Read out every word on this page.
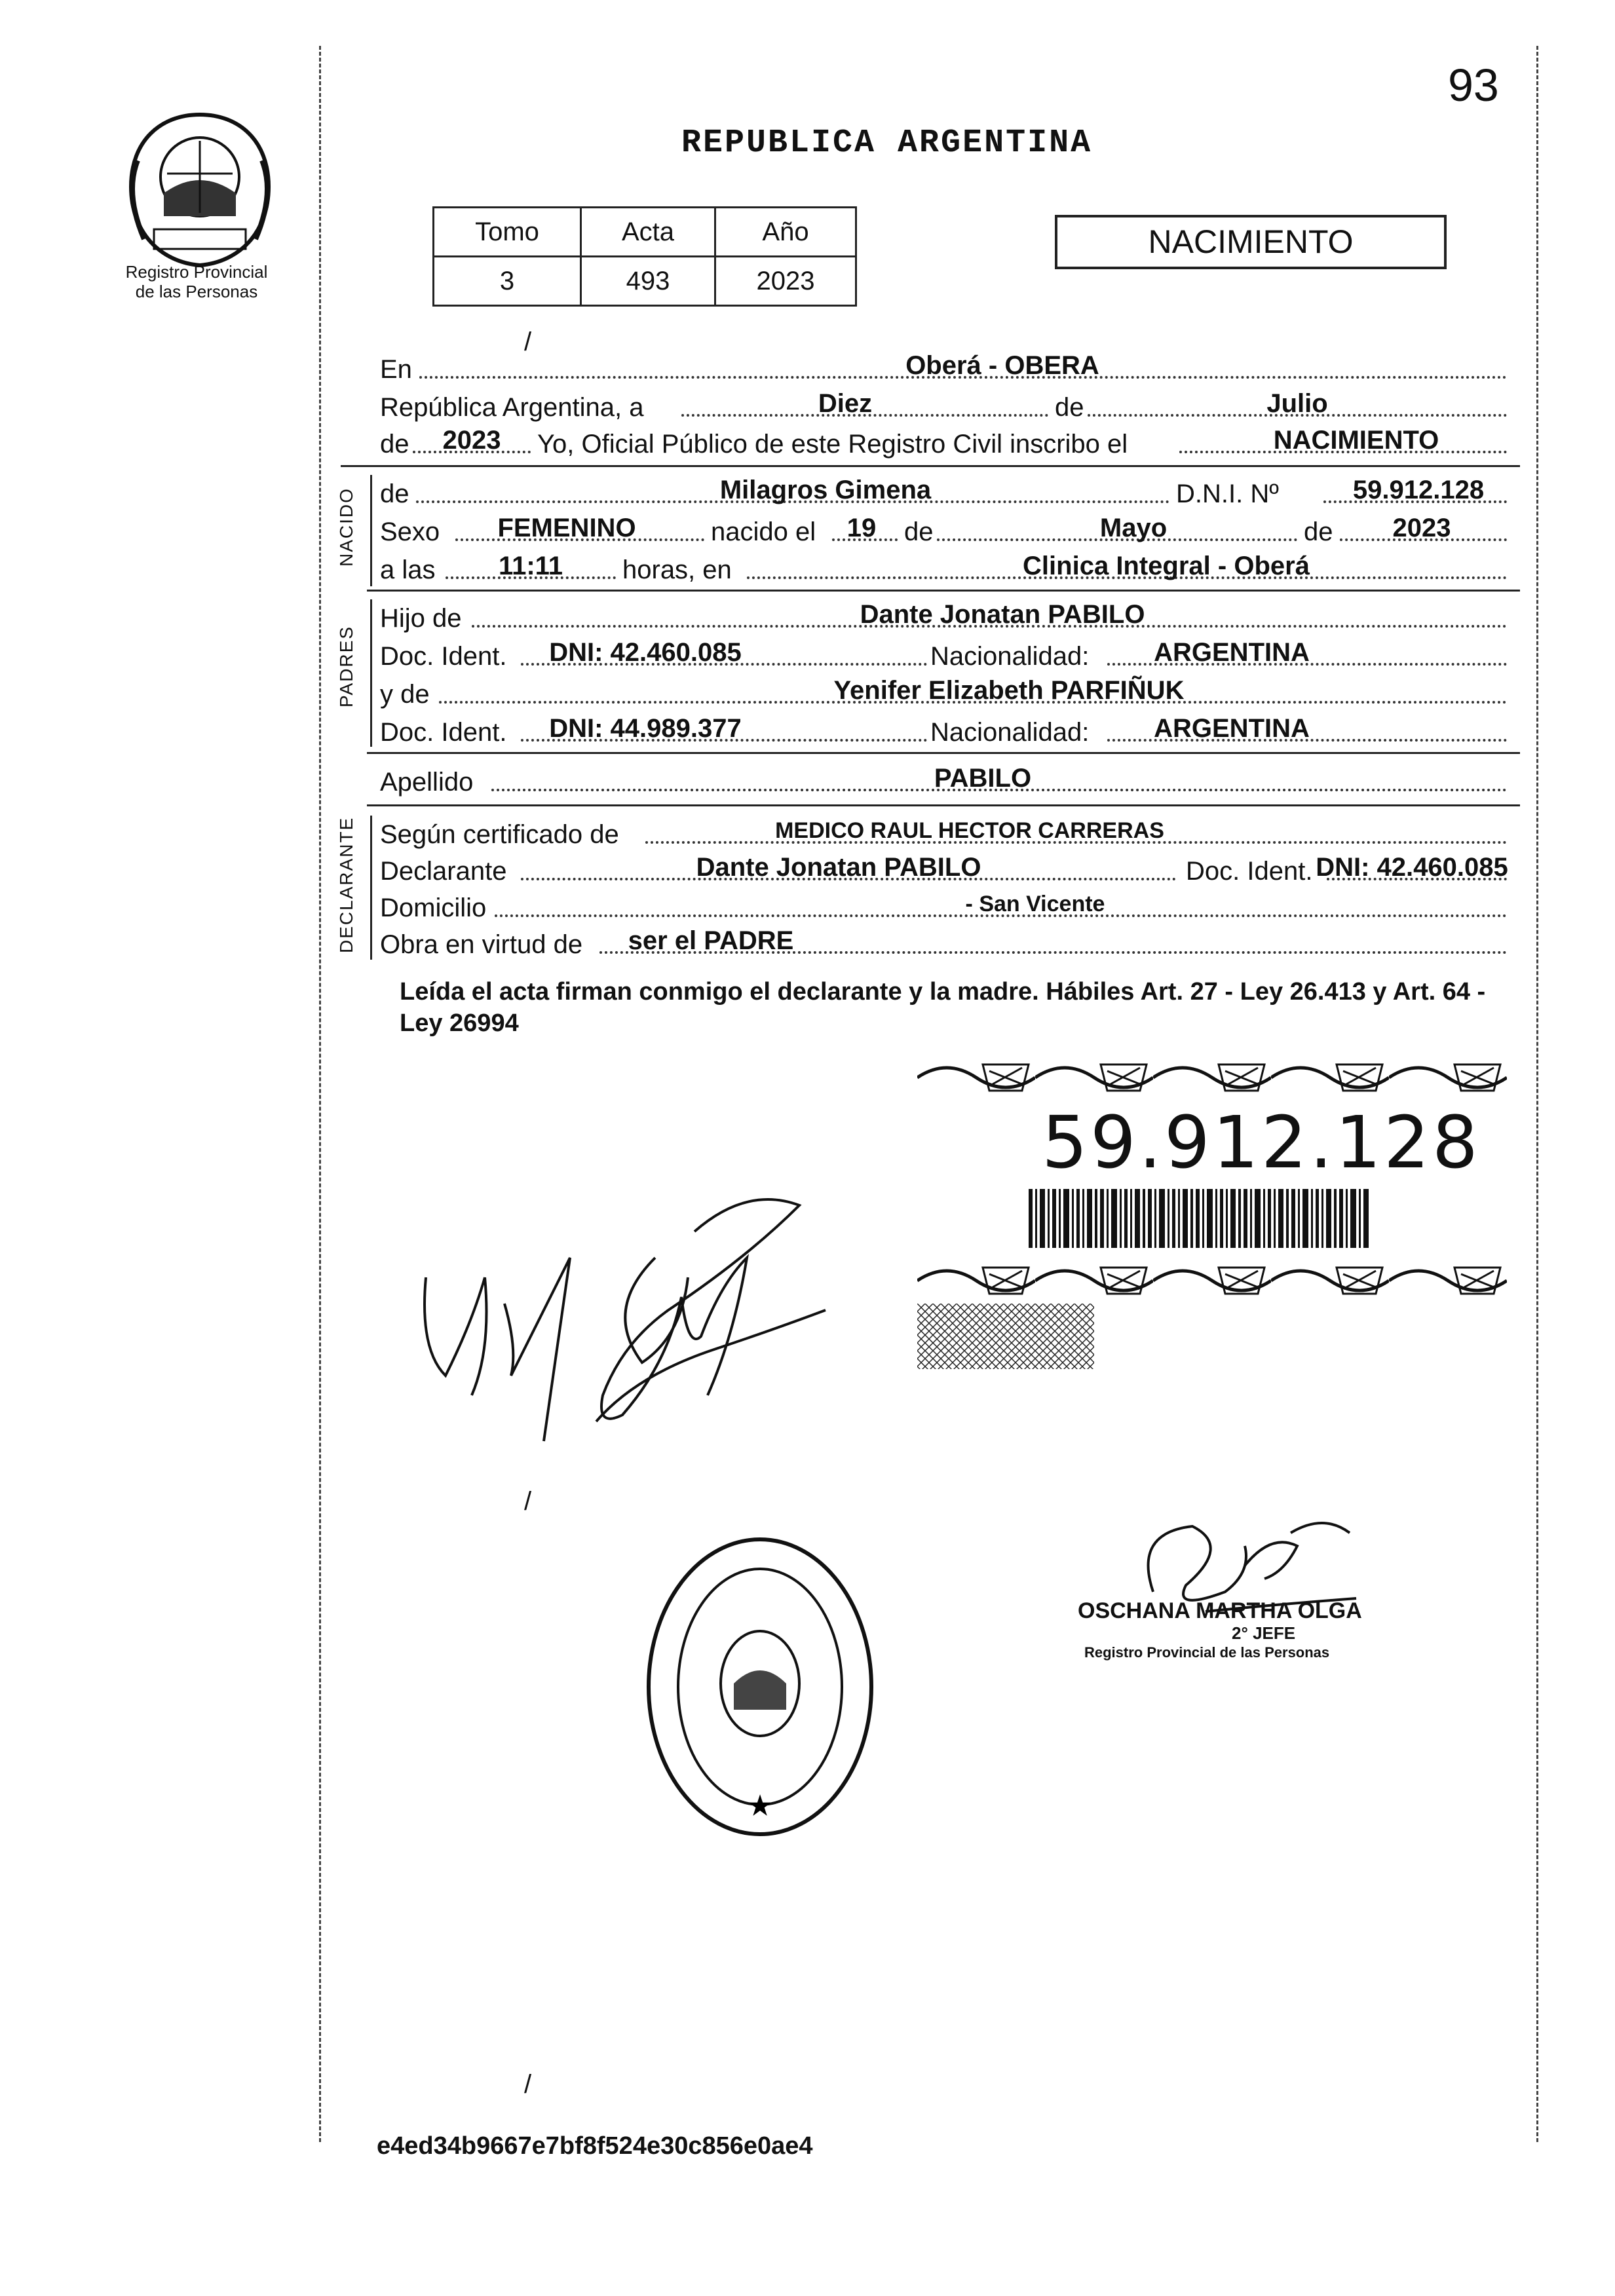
93
Registro Provincial
de las Personas
REPUBLICA ARGENTINA
Tomo	Acta	Año
3	493	2023
NACIMIENTO
/
En	Oberá - OBERA
República Argentina, a	Diez	de	Julio
de	2023	Yo, Oficial Público de este Registro Civil inscribo el	NACIMIENTO
NACIDO de	Milagros Gimena	D.N.I. Nº	59.912.128
Sexo	FEMENINO	nacido el	19	de	Mayo	de	2023
a las	11:11	horas, en	Clinica Integral - Oberá
PADRES
Hijo de	Dante Jonatan PABILO
Doc. Ident.	DNI: 42.460.085	Nacionalidad:	ARGENTINA
y de	Yenifer Elizabeth PARFIÑUK
Doc. Ident.	DNI: 44.989.377	Nacionalidad:	ARGENTINA
Apellido	PABILO
DECLARANTE Según certificado de	MEDICO RAUL HECTOR CARRERAS
Declarante	Dante Jonatan PABILO	Doc. Ident. DNI: 42.460.085
Domicilio	- San Vicente
Obra en virtud de	ser el PADRE
Leída el acta firman conmigo el declarante y la madre. Hábiles Art. 27 - Ley 26.413 y Art. 64 - Ley 26994
59.912.128
/
/
★
OSCHANA MARTHA OLGA
2° JEFE
Registro Provincial de las Personas
e4ed34b9667e7bf8f524e30c856e0ae4
